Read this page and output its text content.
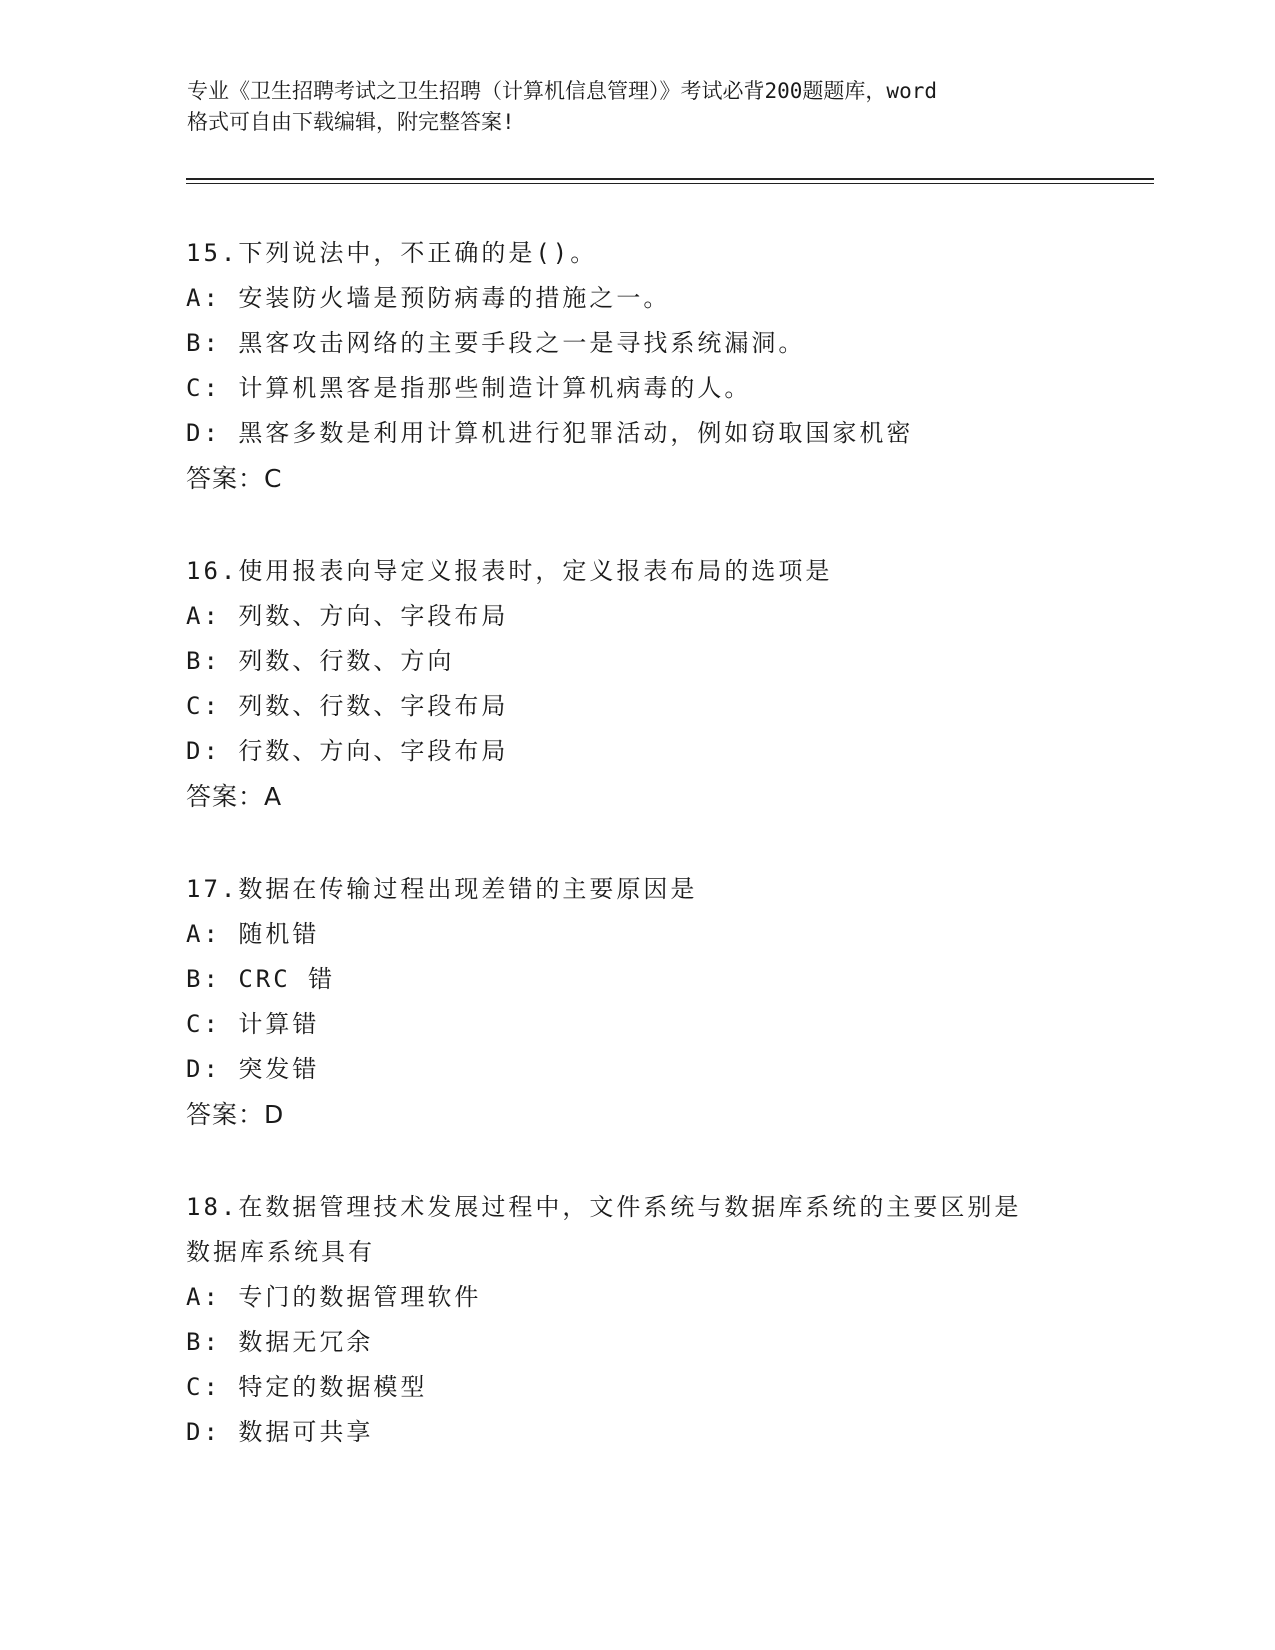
专业《卫生招聘考试之卫生招聘（计算机信息管理）》考试必背200题题库，word
格式可自由下载编辑，附完整答案!
15.下列说法中，不正确的是()。
A: 安装防火墙是预防病毒的措施之一。
B: 黑客攻击网络的主要手段之一是寻找系统漏洞。
C: 计算机黑客是指那些制造计算机病毒的人。
D: 黑客多数是利用计算机进行犯罪活动，例如窃取国家机密
答案：C
16.使用报表向导定义报表时，定义报表布局的选项是
A: 列数、方向、字段布局
B: 列数、行数、方向
C: 列数、行数、字段布局
D: 行数、方向、字段布局
答案：A
17.数据在传输过程出现差错的主要原因是
A: 随机错
B: CRC 错
C: 计算错
D: 突发错
答案：D
18.在数据管理技术发展过程中，文件系统与数据库系统的主要区别是
数据库系统具有
A: 专门的数据管理软件
B: 数据无冗余
C: 特定的数据模型
D: 数据可共享
